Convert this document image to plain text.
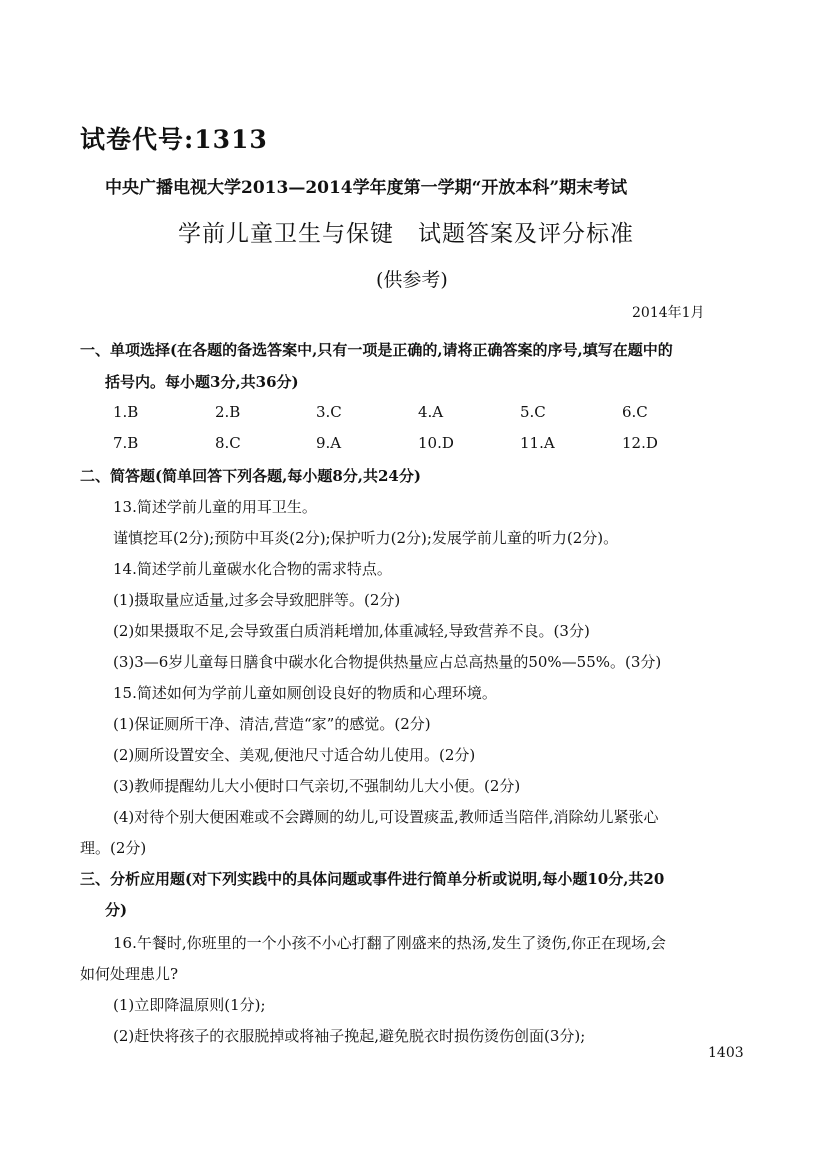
试卷代号:1313
中央广播电视大学2013—2014学年度第一学期“开放本科”期末考试
学前儿童卫生与保键　试题答案及评分标准
(供参考)
2014年1月
一、单项选择(在各题的备选答案中,只有一项是正确的,请将正确答案的序号,填写在题中的
括号内。每小题3分,共36分)
1.B	2.B	3.C	4.A	5.C	6.C
7.B	8.C	9.A	10.D	11.A	12.D
二、简答题(简单回答下列各题,每小题8分,共24分)
13.简述学前儿童的用耳卫生。
谨慎挖耳(2分);预防中耳炎(2分);保护听力(2分);发展学前儿童的听力(2分)。
14.简述学前儿童碳水化合物的需求特点。
(1)摄取量应适量,过多会导致肥胖等。(2分)
(2)如果摄取不足,会导致蛋白质消耗增加,体重减轻,导致营养不良。(3分)
(3)3—6岁儿童每日膳食中碳水化合物提供热量应占总高热量的50%—55%。(3分)
15.简述如何为学前儿童如厕创设良好的物质和心理环境。
(1)保证厕所干净、清洁,营造“家”的感觉。(2分)
(2)厕所设置安全、美观,便池尺寸适合幼儿使用。(2分)
(3)教师提醒幼儿大小便时口气亲切,不强制幼儿大小便。(2分)
(4)对待个别大便困难或不会蹲厕的幼儿,可设置痰盂,教师适当陪伴,消除幼儿紧张心
理。(2分)
三、分析应用题(对下列实践中的具体问题或事件进行简单分析或说明,每小题10分,共20
分)
16.午餐时,你班里的一个小孩不小心打翻了刚盛来的热汤,发生了烫伤,你正在现场,会
如何处理患儿?
(1)立即降温原则(1分);
(2)赶快将孩子的衣服脱掉或将袖子挽起,避免脱衣时损伤烫伤创面(3分);
1403
